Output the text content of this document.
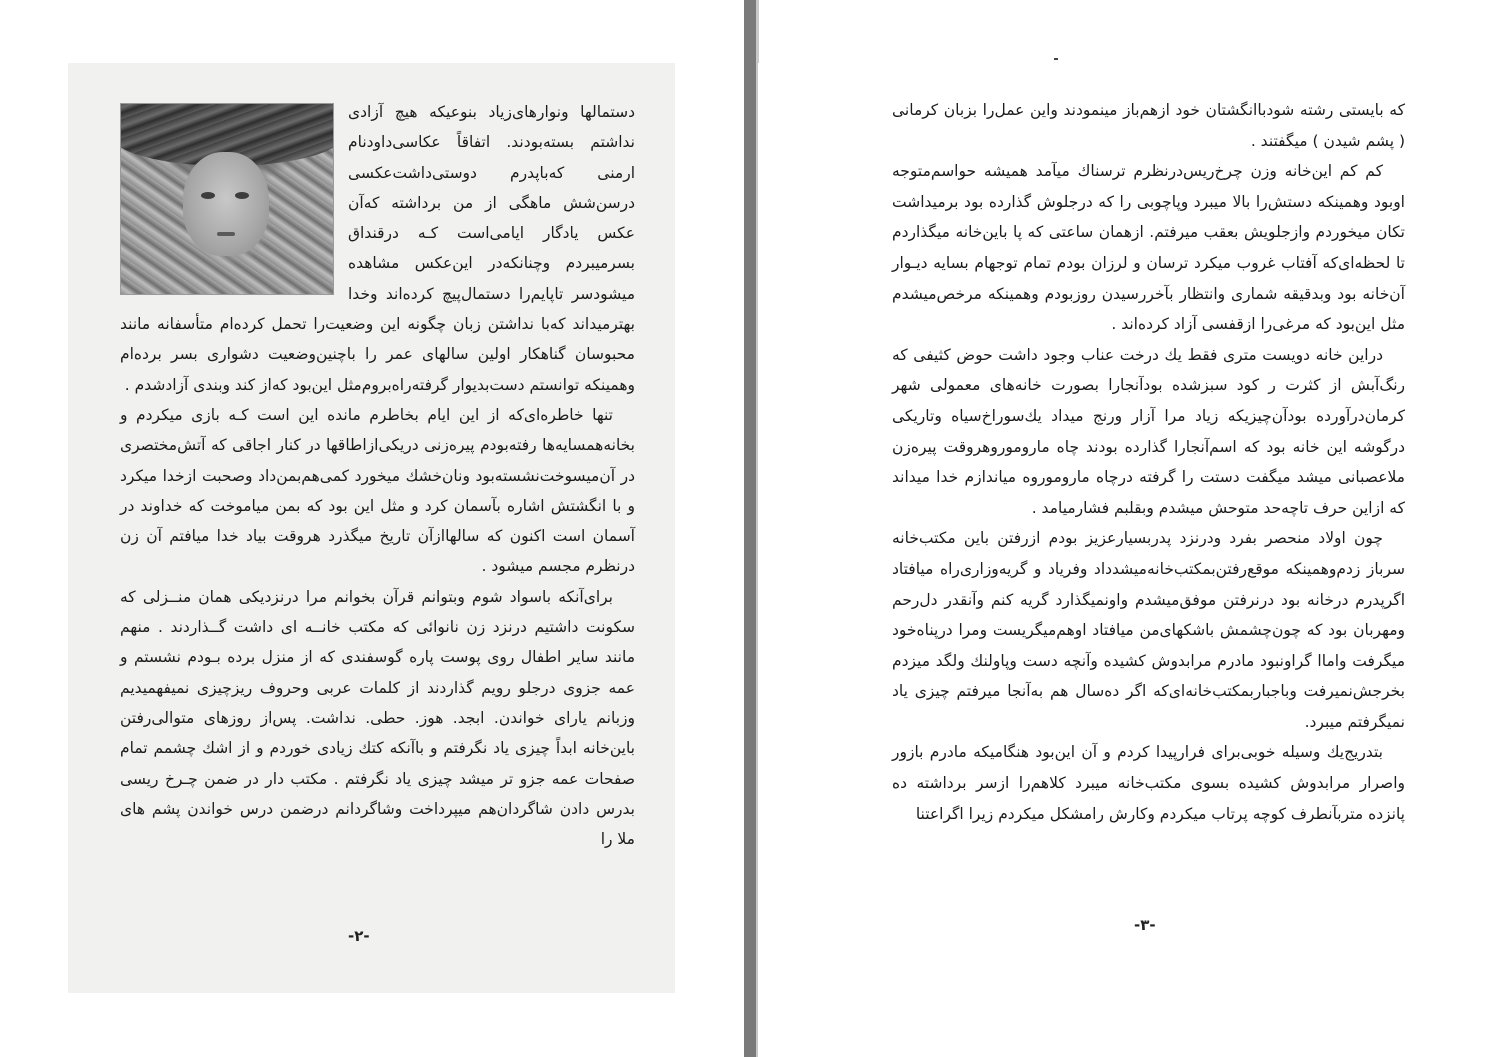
دستمالها ونوارهای‌زیاد بنوعیکه هیچ آزادی نداشتم بسته‌بودند. اتفاقاً عکاسی‌داودنام ارمنی که‌باپدرم دوستی‌داشت‌عکسی درسن‌شش ماهگی از من برداشته که‌آن عکس یادگار ایامی‌است کـه درقنداق بسرمیبردم وچنانکه‌در این‌عکس‌ مشاهده میشودسر تاپایم‌را دستمال‌پیچ کرده‌اند وخدا بهترمیداند که‌با نداشتن زبان چگونه این وضعیت‌را تحمل کرده‌ام متأسفانه مانند محبوسان گناهکار اولین سالهای عمر را باچنین‌وضعیت دشواری بسر برده‌ام وهمینکه توانستم دست‌بدیوار گرفته‌راه‌بروم‌مثل این‌بود که‌از کند وبندی آزادشدم .

تنها خاطره‌ای‌که از این ایام بخاطرم مانده این است کـه بازی میکردم و بخانه‌همسایه‌ها رفته‌بودم پیره‌زنی دریکی‌ازاطاقها در کنار اجاقی که آتش‌مختصری در آن‌میسوخت‌نشسته‌بود ونان‌خشك میخورد کمی‌هم‌بمن‌داد وصحبت ازخدا میکرد و با انگشتش اشاره بآسمان کرد و مثل این بود که بمن میاموخت که خداوند در آسمان است اکنون که سالهااز‌آن تاریخ میگذرد هروقت بیاد خدا میافتم آن زن درنظرم مجسم میشود .

برای‌آنکه باسواد شوم وبتوانم قرآن بخوانم مرا درنزدیکی همان منــزلی که سکونت داشتیم درنزد زن نانوائی که مکتب خانــه ای داشت گــذاردند . منهم مانند سایر اطفال روی پوست پاره گوسفندی که از منزل برده بـودم نشستم و عمه جزوی درجلو رویم گذاردند از کلمات عربی وحروف ریزچیزی نمیفهمیدیم وزبانم یارای خواندن. ابجد. هوز. حطی. نداشت. پس‌از روزهای متوالی‌رفتن باین‌خانه ابداً چیزی یاد نگرفتم و با‌آنکه کتك زیادی خوردم و از اشك چشمم تمام صفحات عمه جزو تر میشد چیزی یاد نگرفتم . مکتب دار در ضمن چـرخ ریسی بدرس دادن شاگردان‌هم میپرداخت وشاگردانم درضمن درس خواندن پشم های ملا را

-۲-

که بایستی رشته شودباانگشتان خود ازهم‌باز مینمودند واین عمل‌را بزبان کرمانی ( پشم شیدن ) میگفتند .

کم کم این‌خانه وزن چرخ‌ریس‌درنظرم ترسناك میآمد همیشه حواسم‌متوجه اوبود وهمینکه دستش‌را بالا میبرد وپاچوبی را که درجلوش گذارده بود برمیداشت تکان میخوردم وازجلویش بعقب میرفتم. ازهمان ساعتی که پا باین‌خانه میگذاردم تا لحظه‌ای‌که آفتاب غروب میکرد ترسان و لرزان بودم تمام توجهام بسایه دیـوار آن‌خانه بود وبدقیقه شماری وانتظار بآخررسیدن روزبودم وهمینکه مرخص‌میشدم مثل این‌بود که مرغی‌را ازقفسی آزاد کرده‌اند .

دراین خانه دویست متری فقط یك درخت عناب وجود داشت حوض کثیفی که رنگ‌آبش از کثرت ر کود سبزشده بودآنجارا بصورت خانه‌های معمولی شهر کرمان‌درآورده بودآن‌چیزیکه زیاد مرا آزار ورنج میداد یك‌سوراخ‌سیاه وتاریکی درگوشه این خانه بود که اسم‌آنجارا گذارده بودند چاه ماروموروهروقت پیره‌زن ملاعصبانی میشد میگفت دستت را گرفته درچاه ماروموروه میاندازم خدا میداند که ازاین حرف تاچه‌حد متوحش میشدم وبقلبم فشارمیامد .

چون اولاد منحصر بفرد ودرنزد پدربسیارعزیز بودم ازرفتن باین مکتب‌خانه سرباز زدم‌وهمینکه موقع‌رفتن‌بمکتب‌خانه‌میشدداد وفریاد و گریه‌وزاری‌راه میافتاد اگرپدرم درخانه بود درنرفتن موفق‌میشدم واونمیگذارد گریه کنم وآنقدر دل‌رحم ومهربان بود که چون‌چشمش باشکهای‌من میافتاد اوهم‌میگریست ومرا درپناه‌خود میگرفت واماا گراونبود مادرم مرابدوش کشیده وآنچه دست وپاولنك ولگد میزدم بخرجش‌نمیرفت وباجباربمکتب‌خانه‌ای‌که اگر ده‌سال هم به‌آنجا میرفتم چیزی یاد نمیگرفتم میبرد.

بتدریج‌یك وسیله خوبی‌برای فرارپیدا کردم و آن این‌بود هنگامیکه مادرم بازور واصرار مرابدوش کشیده بسوی مکتب‌خانه میبرد کلاهم‌را ازسر برداشته ده پانزده متربآنطرف کوچه پرتاب میکردم وکارش رامشکل میکردم زیرا اگراعتنا

-۳-
